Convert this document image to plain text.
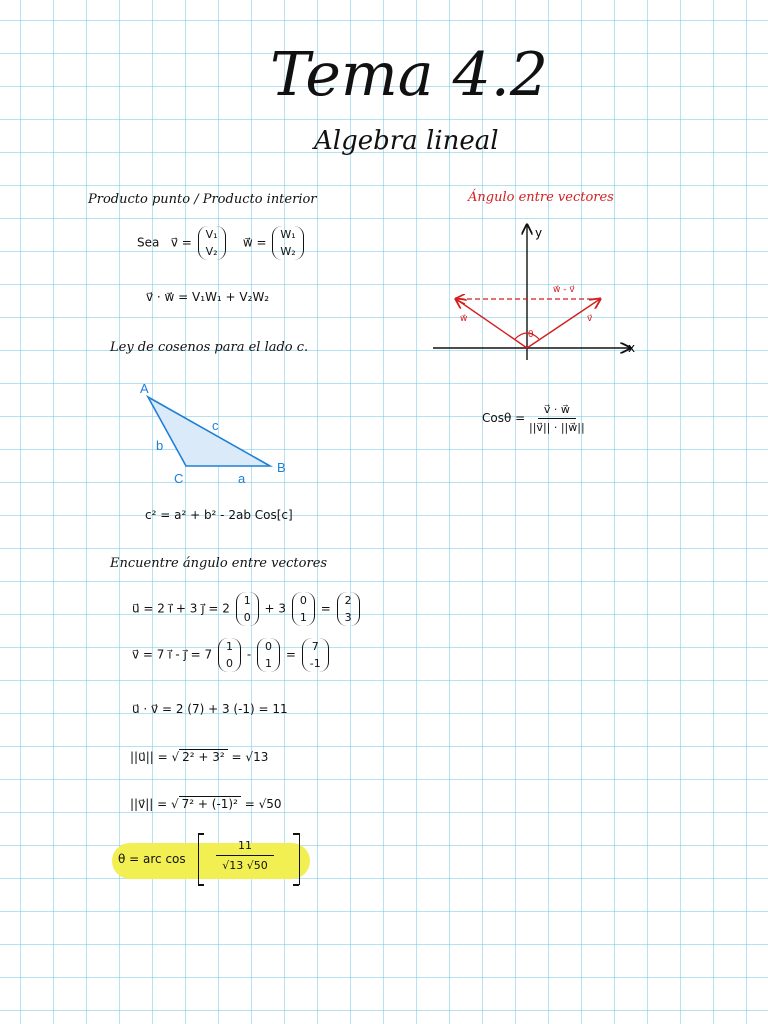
Tema 4.2
Algebra lineal
Producto punto / Producto interior
Sea v⃗ =
V₁
V₂
w⃗ =
W₁
W₂
v⃗ · w⃗ = V₁W₁ + V₂W₂
Ángulo entre vectores
y
x
w⃗ - v⃗
w⃗	v⃗
θ
$Cos\theta = \frac{v⃗ \cdot w⃗}{||v⃗|| \cdot ||w⃗||}$
Ley de cosenos para el lado c.
A
B
C	a
b
c
c² = a² + b² - 2ab Cos[c]
Encuentre ángulo entre vectores
u⃗ = 2 i⃗ + 3 j⃗ = 2
1
0
+ 3
0
1
=
2
3
v⃗ = 7 i⃗ - j⃗ = 7
1
0
-
0
1
=
7
-1
u⃗ · v⃗ = 2 (7) + 3 (-1) = 11
||u⃗|| = √ 2² + 3² = √13
||v⃗|| = √ 7² + (-1)² = √50
θ = arc cos	$\frac{11}{√13 √50}$
